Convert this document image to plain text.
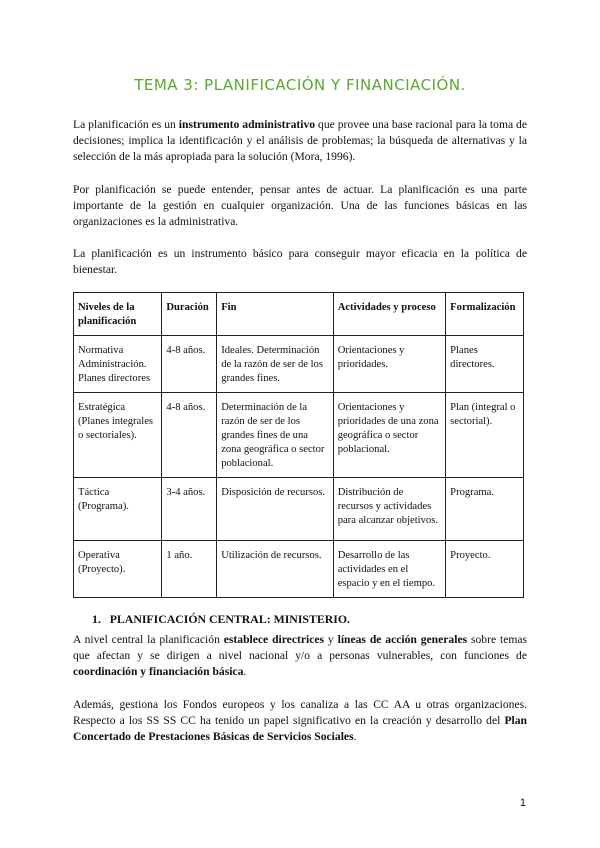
TEMA 3: PLANIFICACIÓN Y FINANCIACIÓN.

La planificación es un instrumento administrativo que provee una base racional para la toma de decisiones; implica la identificación y el análisis de problemas; la búsqueda de alternativas y la selección de la más apropiada para la solución (Mora, 1996).

Por planificación se puede entender, pensar antes de actuar. La planificación es una parte importante de la gestión en cualquier organización. Una de las funciones básicas en las organizaciones es la administrativa.

La planificación es un instrumento básico para conseguir mayor eficacia en la política de bienestar.

Niveles de la planificación	Duración	Fin	Actividades y proceso	Formalización
Normativa Administración. Planes directores	4-8 años.	Ideales. Determinación de la razón de ser de los grandes fines.	Orientaciones y prioridades.	Planes directores.
Estratégica (Planes integrales o sectoriales).	4-8 años.	Determinación de la razón de ser de los grandes fines de una zona geográfica o sector poblacional.	Orientaciones y prioridades de una zona geográfica o sector poblacional.	Plan (integral o sectorial).
Táctica (Programa).	3-4 años.	Disposición de recursos.	Distribución de recursos y actividades para alcanzar objetivos.	Programa.
Operativa (Proyecto).	1 año.	Utilización de recursos.	Desarrollo de las actividades en el espacio y en el tiempo.	Proyecto.
1. PLANIFICACIÓN CENTRAL: MINISTERIO.

A nivel central la planificación establece directrices y líneas de acción generales sobre temas que afectan y se dirigen a nivel nacional y/o a personas vulnerables, con funciones de coordinación y financiación básica.

Además, gestiona los Fondos europeos y los canaliza a las CC AA u otras organizaciones. Respecto a los SS SS CC ha tenido un papel significativo en la creación y desarrollo del Plan Concertado de Prestaciones Básicas de Servicios Sociales.

1
